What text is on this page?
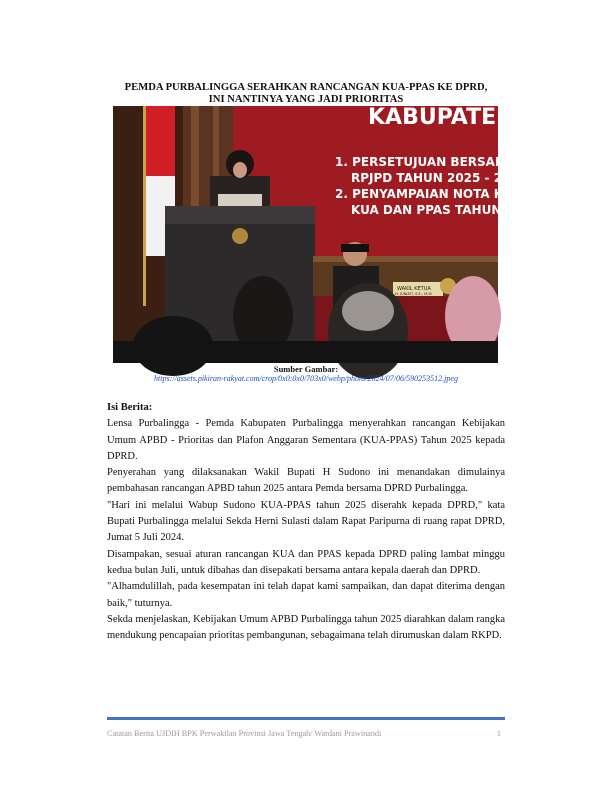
PEMDA PURBALINGGA SERAHKAN RANCANGAN KUA-PPAS KE DPRD,
INI NANTINYA YANG JADI PRIORITAS
KABUPATE
1. PERSETUJUAN BERSAMA
RPJPD TAHUN 2025 - 20
2. PENYAMPAIAN NOTA KES
KUA DAN PPAS TAHUN 2
WAKIL KETUA
H. JUNIATI, S.E., M.M.
Sumber Gambar:
https://assets.pikiran-rakyat.com/crop/0x0:0x0/703x0/webp/photo/2024/07/06/590253512.jpeg

Isi Berita:

Lensa Purbalingga - Pemda Kabupaten Purbalingga menyerahkan rancangan Kebijakan Umum APBD - Prioritas dan Plafon Anggaran Sementara (KUA-PPAS) Tahun 2025 kepada DPRD.

Penyerahan yang dilaksanakan Wakil Bupati H Sudono ini menandakan dimulainya pembahasan rancangan APBD tahun 2025 antara Pemda bersama DPRD Purbalingga.

"Hari ini melalui Wabup Sudono KUA-PPAS tahun 2025 diserahk kepada DPRD," kata Bupati Purbalingga melalui Sekda Herni Sulasti dalam Rapat Paripurna di ruang rapat DPRD, Jumat 5 Juli 2024.

Disampakan, sesuai aturan rancangan KUA dan PPAS kepada DPRD paling lambat minggu kedua bulan Juli, untuk dibahas dan disepakati bersama antara kepala daerah dan DPRD.

"Alhamdulillah, pada kesempatan ini telah dapat kami sampaikan, dan dapat diterima dengan baik," tuturnya.

Sekda menjelaskan, Kebijakan Umum APBD Purbalingga tahun 2025 diarahkan dalam rangka mendukung pencapaian prioritas pembangunan, sebagaimana telah dirumuskan dalam RKPD.

Catatan Berita UJDIH BPK Perwakilan Provinsi Jawa Tengah/ Wardani Prawinandi	1
